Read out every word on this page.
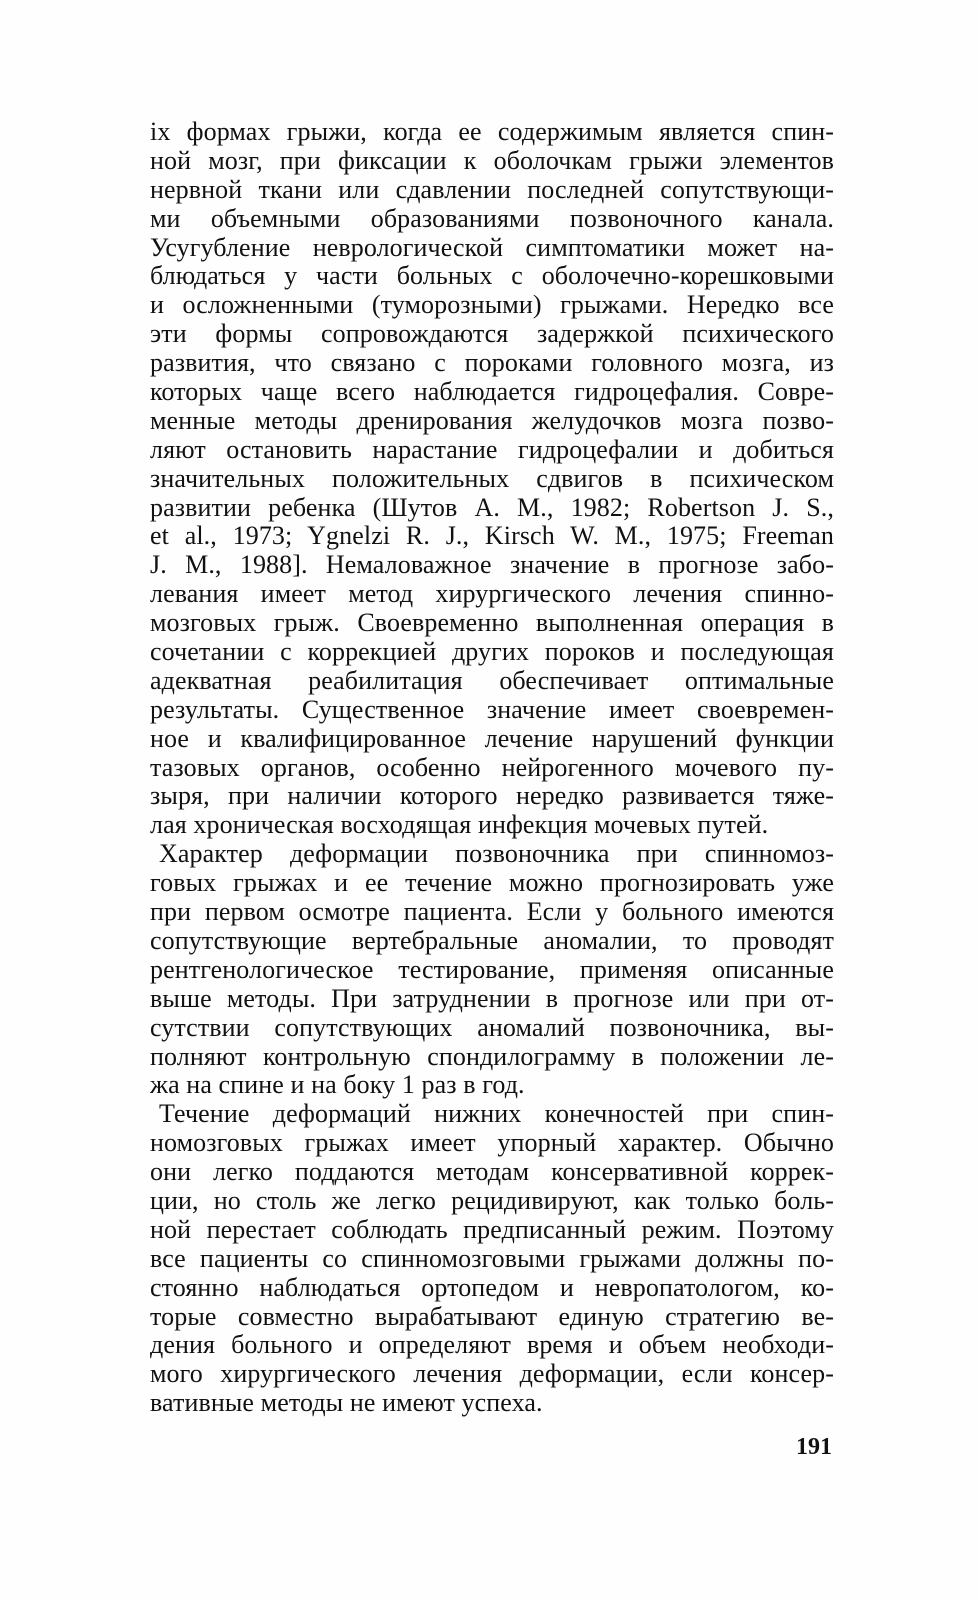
іх формах грыжи, когда ее содержимым является спин-
ной мозг, при фиксации к оболочкам грыжи элементов
нервной ткани или сдавлении последней сопутствующи-
ми объемными образованиями позвоночного канала.
Усугубление неврологической симптоматики может на-
блюдаться у части больных с оболочечно-корешковыми
и осложненными (туморозными) грыжами. Нередко все
эти формы сопровождаются задержкой психического
развития, что связано с пороками головного мозга, из
которых чаще всего наблюдается гидроцефалия. Совре-
менные методы дренирования желудочков мозга позво-
ляют остановить нарастание гидроцефалии и добиться
значительных положительных сдвигов в психическом
развитии ребенка (Шутов А. М., 1982; Robertson J. S.,
et al., 1973; Ygnelzi R. J., Kirsch W. M., 1975; Freeman
J. M., 1988]. Немаловажное значение в прогнозе забо-
левания имеет метод хирургического лечения спинно-
мозговых грыж. Своевременно выполненная операция в
сочетании с коррекцией других пороков и последующая
адекватная реабилитация обеспечивает оптимальные
результаты. Существенное значение имеет своевремен-
ное и квалифицированное лечение нарушений функции
тазовых органов, особенно нейрогенного мочевого пу-
зыря, при наличии которого нередко развивается тяже-
лая хроническая восходящая инфекция мочевых путей.
Характер деформации позвоночника при спинномоз-
говых грыжах и ее течение можно прогнозировать уже
при первом осмотре пациента. Если у больного имеются
сопутствующие вертебральные аномалии, то проводят
рентгенологическое тестирование, применяя описанные
выше методы. При затруднении в прогнозе или при от-
сутствии сопутствующих аномалий позвоночника, вы-
полняют контрольную спондилограмму в положении ле-
жа на спине и на боку 1 раз в год.
Течение деформаций нижних конечностей при спин-
номозговых грыжах имеет упорный характер. Обычно
они легко поддаются методам консервативной коррек-
ции, но столь же легко рецидивируют, как только боль-
ной перестает соблюдать предписанный режим. Поэтому
все пациенты со спинномозговыми грыжами должны по-
стоянно наблюдаться ортопедом и невропатологом, ко-
торые совместно вырабатывают единую стратегию ве-
дения больного и определяют время и объем необходи-
мого хирургического лечения деформации, если консер-
вативные методы не имеют успеха.
191
